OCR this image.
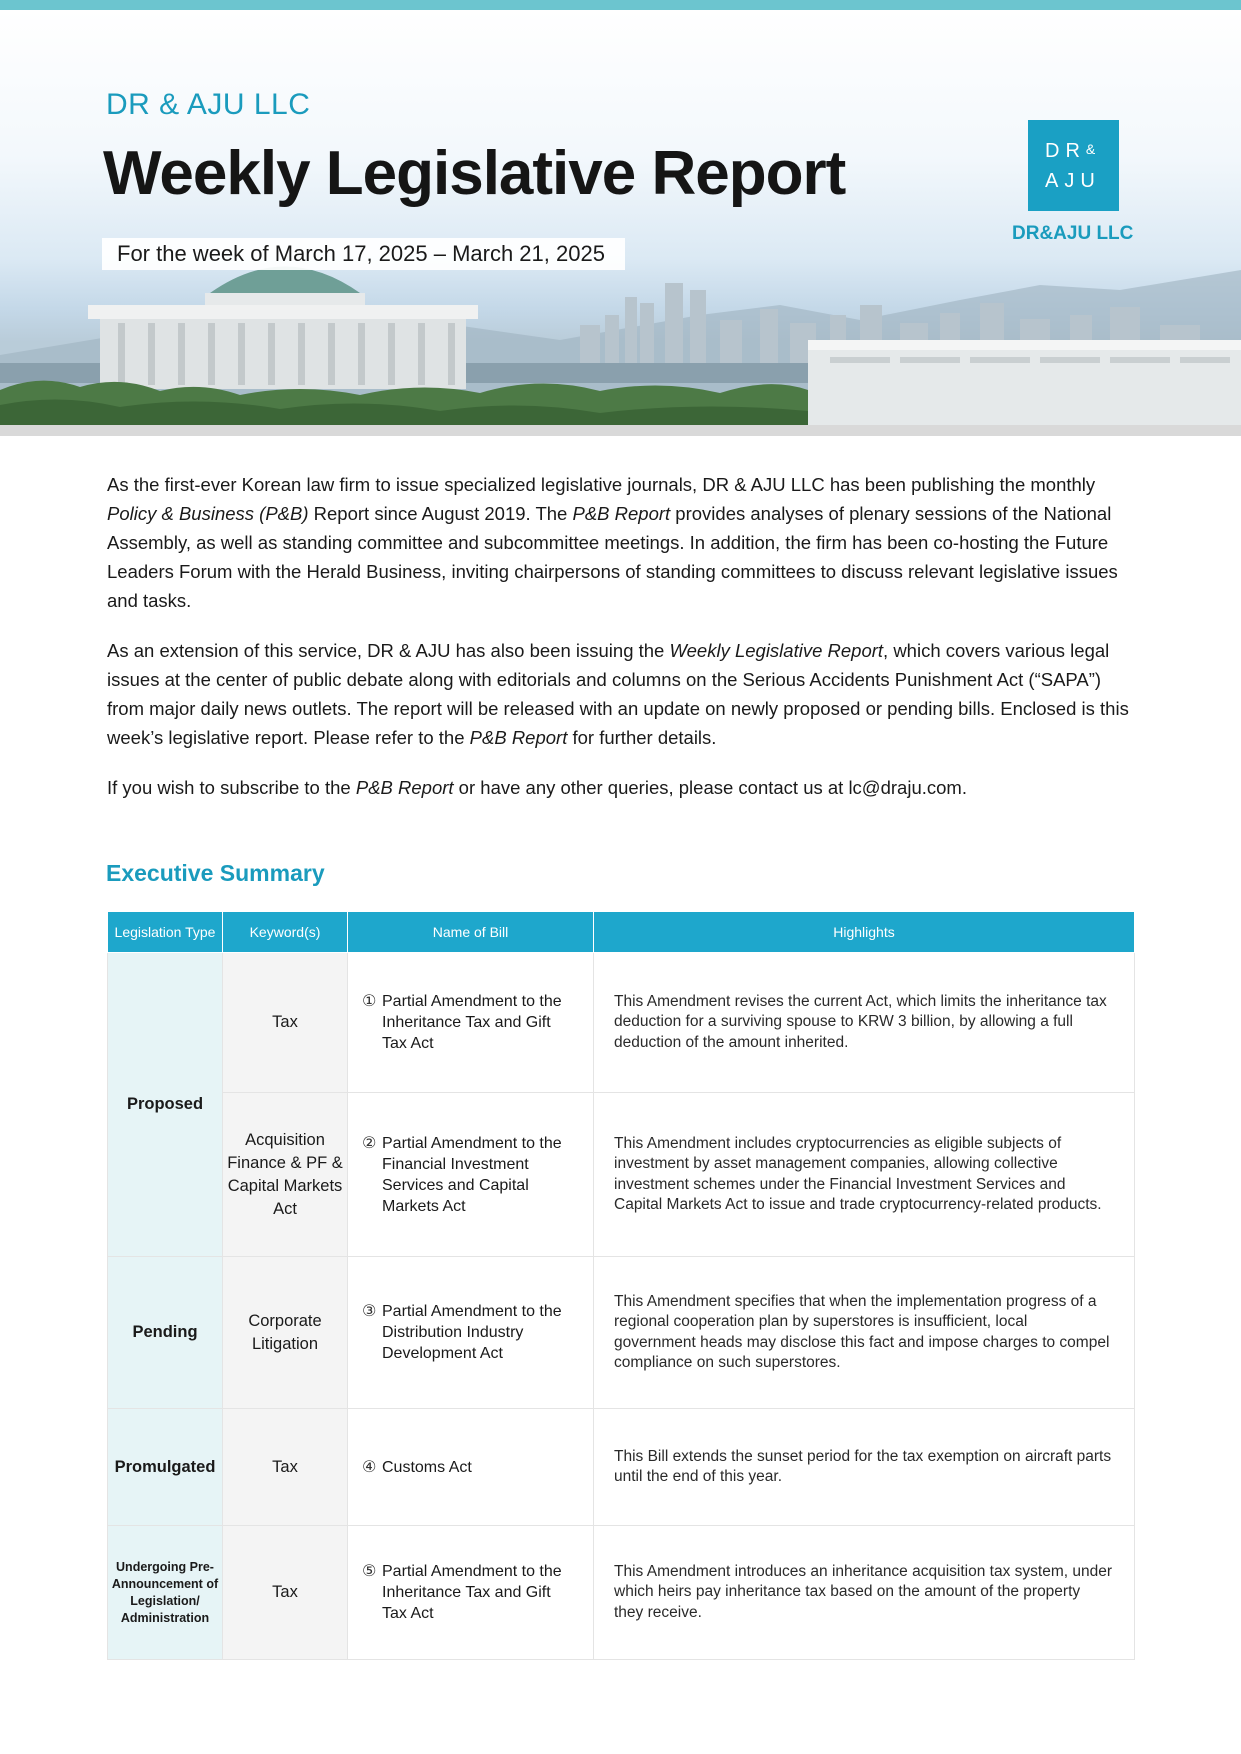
DR & AJU LLC
Weekly Legislative Report
For the week of March 17, 2025 – March 21, 2025
DR&
AJU
DR&AJU LLC

As the first-ever Korean law firm to issue specialized legislative journals, DR & AJU LLC has been publishing the monthly Policy & Business (P&B) Report since August 2019. The P&B Report provides analyses of plenary sessions of the National Assembly, as well as standing committee and subcommittee meetings. In addition, the firm has been co-hosting the Future Leaders Forum with the Herald Business, inviting chairpersons of standing committees to discuss relevant legislative issues and tasks.

As an extension of this service, DR & AJU has also been issuing the Weekly Legislative Report, which covers various legal issues at the center of public debate along with editorials and columns on the Serious Accidents Punishment Act (“SAPA”) from major daily news outlets. The report will be released with an update on newly proposed or pending bills. Enclosed is this week’s legislative report. Please refer to the P&B Report for further details.

If you wish to subscribe to the P&B Report or have any other queries, please contact us at lc@draju.com.

Executive Summary
Legislation Type	Keyword(s)	Name of Bill	Highlights
Proposed	Tax	① Partial Amendment to the Inheritance Tax and Gift Tax Act	This Amendment revises the current Act, which limits the inheritance tax deduction for a surviving spouse to KRW 3 billion, by allowing a full deduction of the amount inherited.
	Acquisition Finance & PF & Capital Markets Act	② Partial Amendment to the Financial Investment Services and Capital Markets Act	This Amendment includes cryptocurrencies as eligible subjects of investment by asset management companies, allowing collective investment schemes under the Financial Investment Services and Capital Markets Act to issue and trade cryptocurrency-related products.
Pending	Corporate Litigation	③ Partial Amendment to the Distribution Industry Development Act	This Amendment specifies that when the implementation progress of a regional cooperation plan by superstores is insufficient, local government heads may disclose this fact and impose charges to compel compliance on such superstores.
Promulgated	Tax	④ Customs Act	This Bill extends the sunset period for the tax exemption on aircraft parts until the end of this year.
Undergoing Pre-Announcement of Legislation/ Administration	Tax	⑤ Partial Amendment to the Inheritance Tax and Gift Tax Act	This Amendment introduces an inheritance acquisition tax system, under which heirs pay inheritance tax based on the amount of the property they receive.
